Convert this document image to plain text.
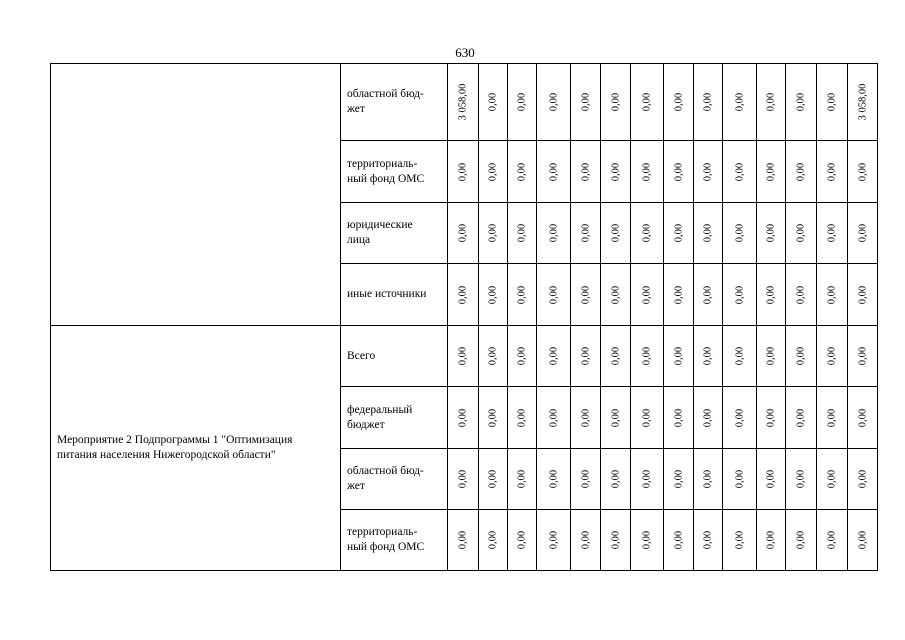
630
	областной бюд-
жет	3 058,00	0,00	0,00	0,00	0,00	0,00	0,00	0,00	0,00	0,00	0,00	0,00	0,00	3 058,00

	территориаль-
ный фонд ОМС	0,00	0,00	0,00	0,00	0,00	0,00	0,00	0,00	0,00	0,00	0,00	0,00	0,00	0,00

	юридические
лица	0,00	0,00	0,00	0,00	0,00	0,00	0,00	0,00	0,00	0,00	0,00	0,00	0,00	0,00

	иные источники	0,00	0,00	0,00	0,00	0,00	0,00	0,00	0,00	0,00	0,00	0,00	0,00	0,00	0,00

Мероприятие 2 Подпрограммы 1 "Оптимизация питания населения Нижегородской области"	Всего	0,00	0,00	0,00	0,00	0,00	0,00	0,00	0,00	0,00	0,00	0,00	0,00	0,00	0,00

	федеральный
бюджет	0,00	0,00	0,00	0,00	0,00	0,00	0,00	0,00	0,00	0,00	0,00	0,00	0,00	0,00

	областной бюд-
жет	0,00	0,00	0,00	0,00	0,00	0,00	0,00	0,00	0,00	0,00	0,00	0,00	0,00	0,00

	территориаль-
ный фонд ОМС	0,00	0,00	0,00	0,00	0,00	0,00	0,00	0,00	0,00	0,00	0,00	0,00	0,00	0,00
